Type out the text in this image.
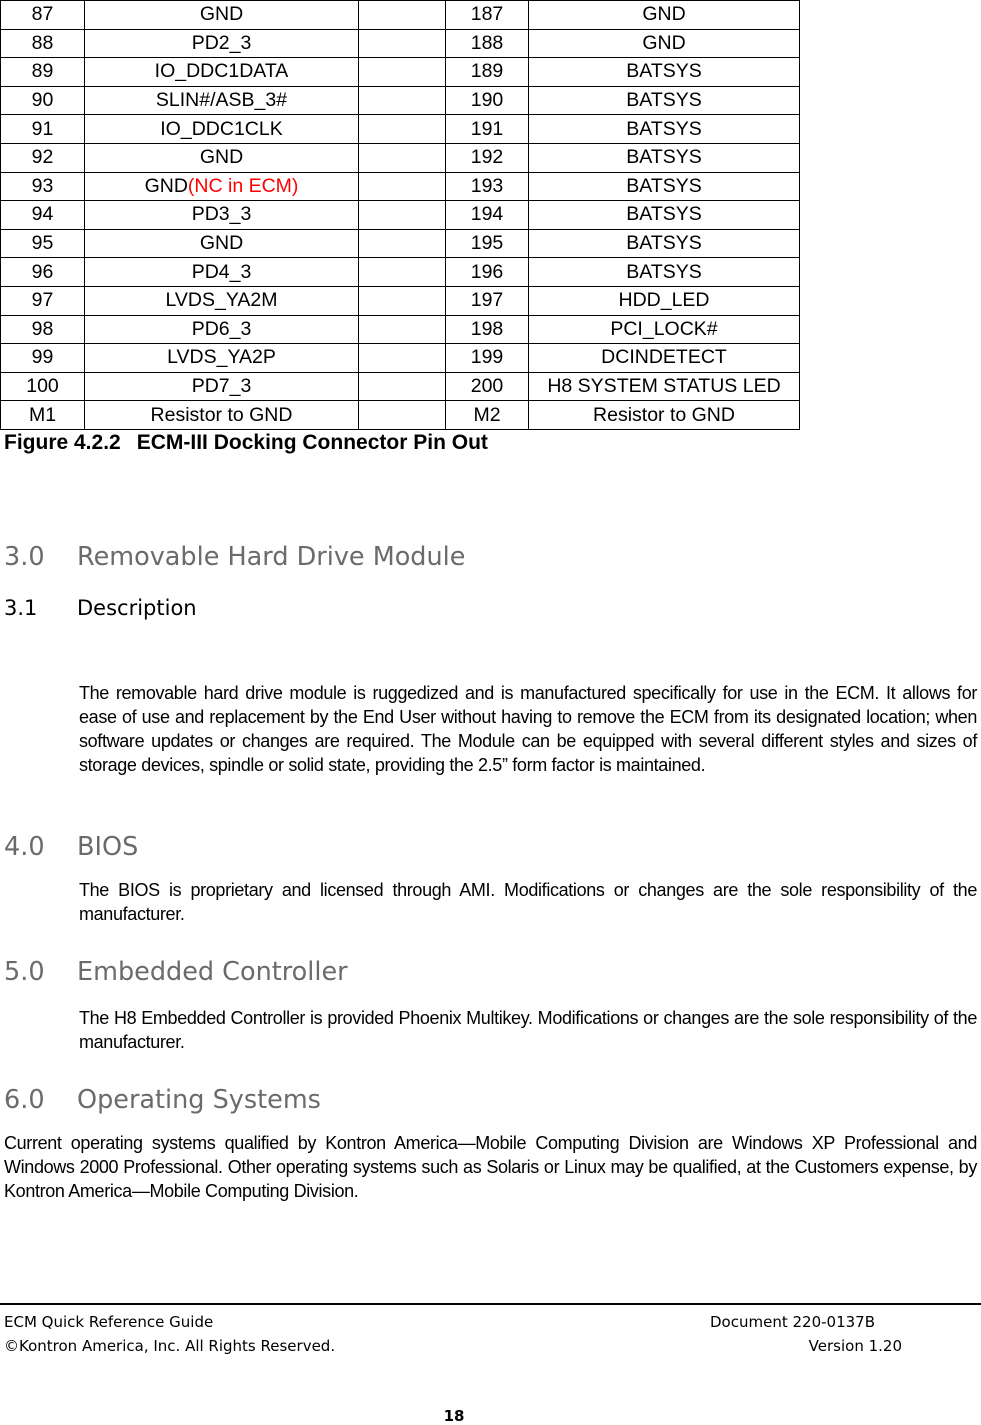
87	GND		187	GND
88	PD2_3		188	GND
89	IO_DDC1DATA		189	BATSYS
90	SLIN#/ASB_3#		190	BATSYS
91	IO_DDC1CLK		191	BATSYS
92	GND		192	BATSYS
93	GND(NC in ECM)		193	BATSYS
94	PD3_3		194	BATSYS
95	GND		195	BATSYS
96	PD4_3		196	BATSYS
97	LVDS_YA2M		197	HDD_LED
98	PD6_3		198	PCI_LOCK#
99	LVDS_YA2P		199	DCINDETECT
100	PD7_3		200	H8 SYSTEM STATUS LED
M1	Resistor to GND		M2	Resistor to GND
Figure 4.2.2 ECM-III Docking Connector Pin Out
3.0 Removable Hard Drive Module
3.1 Description
The removable hard drive module is ruggedized and is manufactured specifically for use in the ECM. It allows for ease of use and replacement by the End User without having to remove the ECM from its designated location; when software updates or changes are required. The Module can be equipped with several different styles and sizes of storage devices, spindle or solid state, providing the 2.5” form factor is maintained.
4.0 BIOS
The BIOS is proprietary and licensed through AMI. Modifications or changes are the sole responsibility of the manufacturer.
5.0 Embedded Controller
The H8 Embedded Controller is provided Phoenix Multikey. Modifications or changes are the sole responsibility of the manufacturer.
6.0 Operating Systems
Current operating systems qualified by Kontron America—Mobile Computing Division are Windows XP Professional and Windows 2000 Professional. Other operating systems such as Solaris or Linux may be qualified, at the Customers expense, by Kontron America—Mobile Computing Division.
ECM Quick Reference Guide	Document 220-0137B
©Kontron America, Inc. All Rights Reserved.	Version 1.20
18
